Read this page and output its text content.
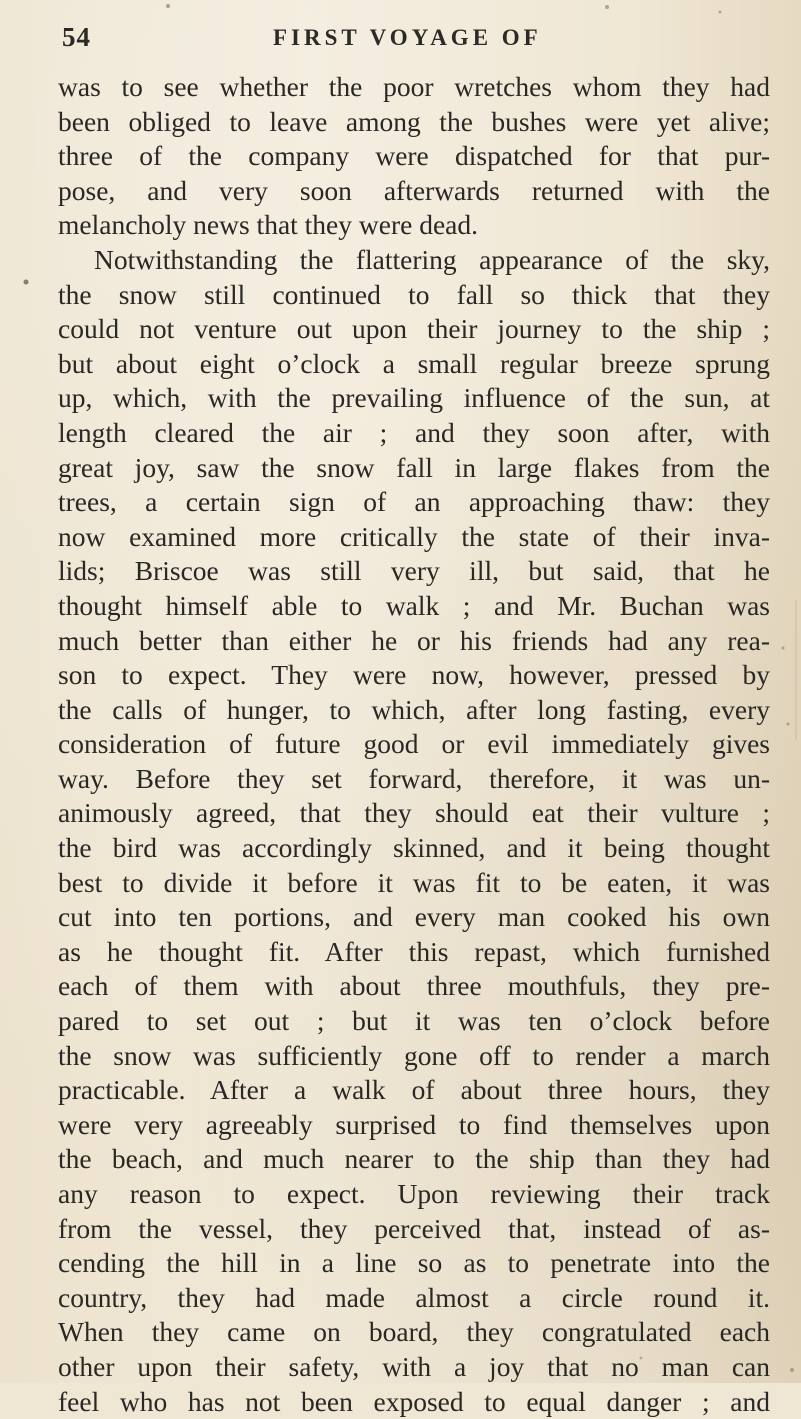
54	FIRST VOYAGE OF
was to see whether the poor wretches whom they had
been obliged to leave among the bushes were yet alive;
three of the company were dispatched for that pur-
pose, and very soon afterwards returned with the
melancholy news that they were dead.
Notwithstanding the flattering appearance of the sky,
the snow still continued to fall so thick that they
could not venture out upon their journey to the ship ;
but about eight o’clock a small regular breeze sprung
up, which, with the prevailing influence of the sun, at
length cleared the air ; and they soon after, with
great joy, saw the snow fall in large flakes from the
trees, a certain sign of an approaching thaw: they
now examined more critically the state of their inva-
lids; Briscoe was still very ill, but said, that he
thought himself able to walk ; and Mr. Buchan was
much better than either he or his friends had any rea-
son to expect. They were now, however, pressed by
the calls of hunger, to which, after long fasting, every
consideration of future good or evil immediately gives
way. Before they set forward, therefore, it was un-
animously agreed, that they should eat their vulture ;
the bird was accordingly skinned, and it being thought
best to divide it before it was fit to be eaten, it was
cut into ten portions, and every man cooked his own
as he thought fit. After this repast, which furnished
each of them with about three mouthfuls, they pre-
pared to set out ; but it was ten o’clock before
the snow was sufficiently gone off to render a march
practicable. After a walk of about three hours, they
were very agreeably surprised to find themselves upon
the beach, and much nearer to the ship than they had
any reason to expect. Upon reviewing their track
from the vessel, they perceived that, instead of as-
cending the hill in a line so as to penetrate into the
country, they had made almost a circle round it.
When they came on board, they congratulated each
other upon their safety, with a joy that no man can
feel who has not been exposed to equal danger ; and
